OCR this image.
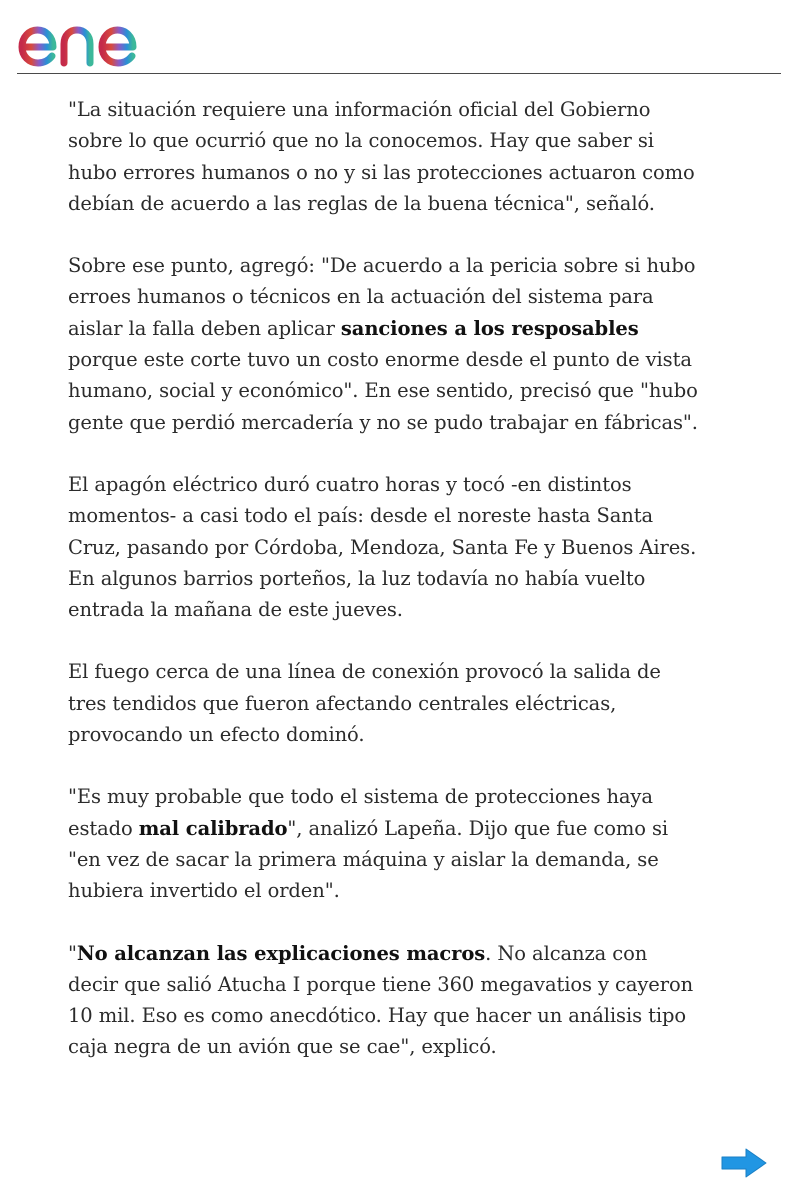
"La situación requiere una información oficial del Gobierno sobre lo que ocurrió que no la conocemos. Hay que saber si hubo errores humanos o no y si las protecciones actuaron como debían de acuerdo a las reglas de la buena técnica", señaló.

Sobre ese punto, agregó: "De acuerdo a la pericia sobre si hubo erroes humanos o técnicos en la actuación del sistema para aislar la falla deben aplicar sanciones a los resposables porque este corte tuvo un costo enorme desde el punto de vista humano, social y económico". En ese sentido, precisó que "hubo gente que perdió mercadería y no se pudo trabajar en fábricas".

El apagón eléctrico duró cuatro horas y tocó -en distintos momentos- a casi todo el país: desde el noreste hasta Santa Cruz, pasando por Córdoba, Mendoza, Santa Fe y Buenos Aires. En algunos barrios porteños, la luz todavía no había vuelto entrada la mañana de este jueves.

El fuego cerca de una línea de conexión provocó la salida de tres tendidos que fueron afectando centrales eléctricas, provocando un efecto dominó.

"Es muy probable que todo el sistema de protecciones haya estado mal calibrado", analizó Lapeña. Dijo que fue como si "en vez de sacar la primera máquina y aislar la demanda, se hubiera invertido el orden".

"No alcanzan las explicaciones macros. No alcanza con decir que salió Atucha I porque tiene 360 megavatios y cayeron 10 mil. Eso es como anecdótico. Hay que hacer un análisis tipo caja negra de un avión que se cae", explicó.
